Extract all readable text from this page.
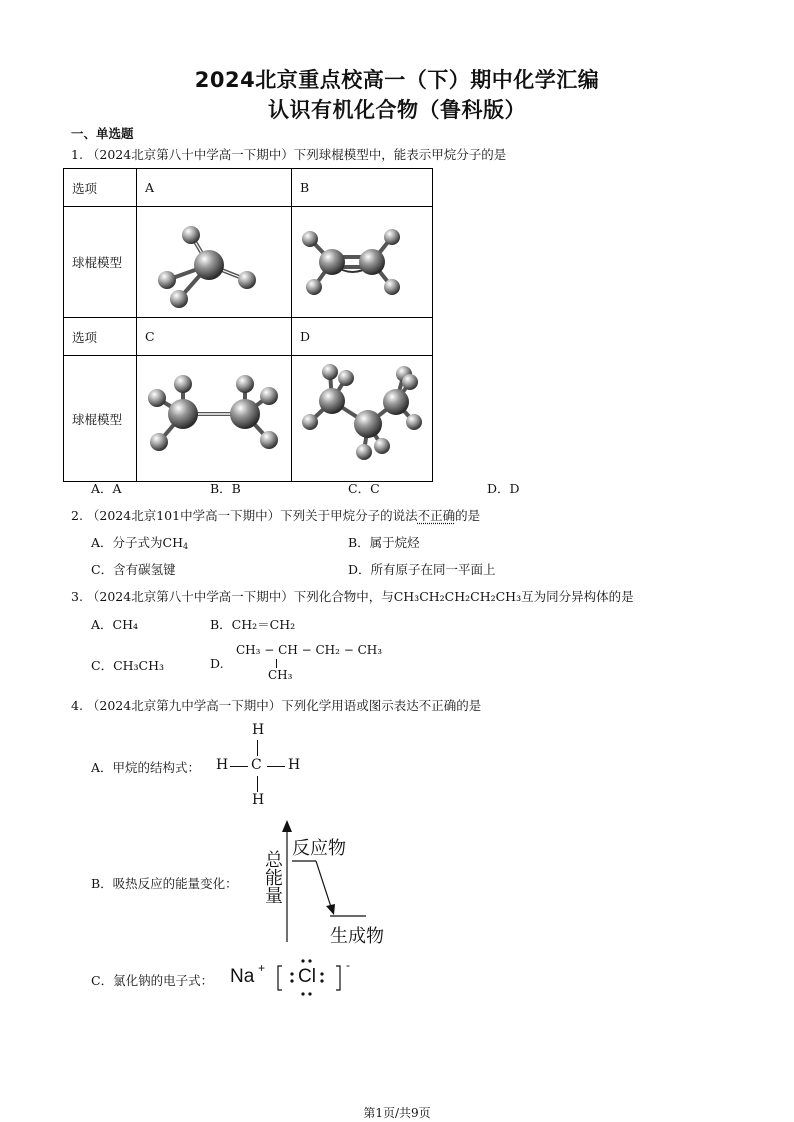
2024北京重点校高一（下）期中化学汇编
认识有机化合物（鲁科版）
一、单选题
1. （2024北京第八十中学高一下期中）下列球棍模型中，能表示甲烷分子的是
选项	A	B
球棍模型		
选项	C	D
球棍模型		
A．A	B．B	C．C	D．D
2. （2024北京101中学高一下期中）下列关于甲烷分子的说法不正确的是
A．分子式为$CH_4$	B．属于烷烃
C．含有碳氢键	D．所有原子在同一平面上
3. （2024北京第八十中学高一下期中）下列化合物中，与CH₃CH₂CH₂CH₂CH₃互为同分异构体的是
A．CH₄	B．CH₂＝CH₂
C．CH₃CH₃	D.
CH₃ − CH − CH₂ − CH₃
CH₃
4. （2024北京第九中学高一下期中）下列化学用语或图示表达不正确的是
A．甲烷的结构式：
H
H C H
H
B．吸热反应的能量变化： 总能量
反应物
生成物
C．氯化钠的电子式： Na + Cl
-
第1页/共9页
